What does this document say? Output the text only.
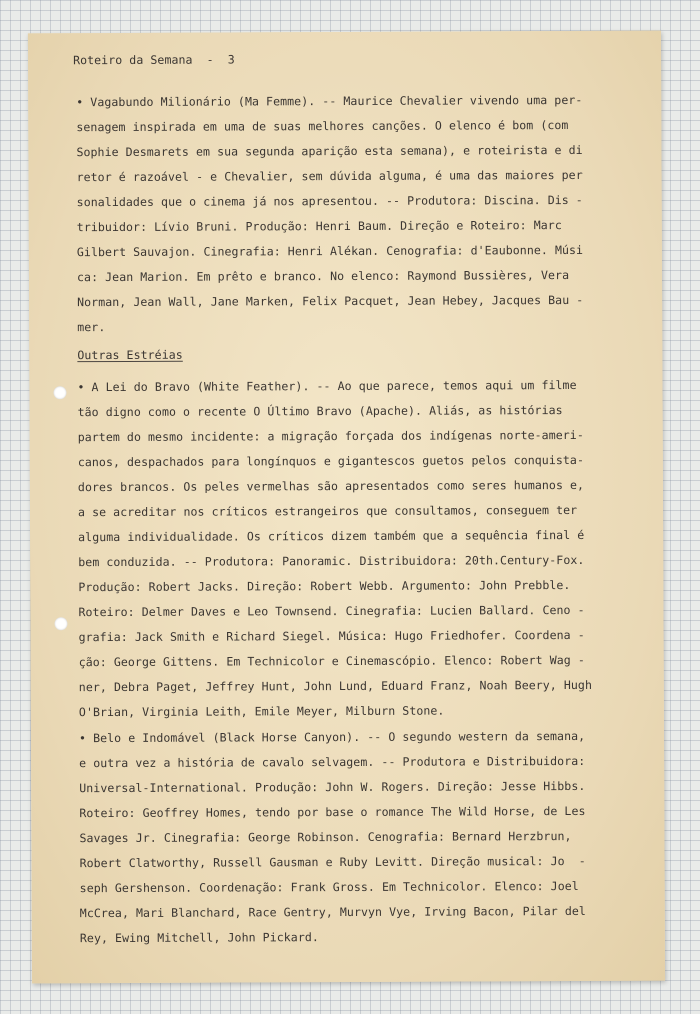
Roteiro da Semana  -  3
• Vagabundo Milionário (Ma Femme). -- Maurice Chevalier vivendo uma per-
senagem inspirada em uma de suas melhores canções. O elenco é bom (com
Sophie Desmarets em sua segunda aparição esta semana), e roteirista e di
retor é razoável - e Chevalier, sem dúvida alguma, é uma das maiores per
sonalidades que o cinema já nos apresentou. -- Produtora: Discina. Dis -
tribuidor: Lívio Bruni. Produção: Henri Baum. Direção e Roteiro: Marc
Gilbert Sauvajon. Cinegrafia: Henri Alékan. Cenografia: d'Eaubonne. Músi
ca: Jean Marion. Em prêto e branco. No elenco: Raymond Bussières, Vera
Norman, Jean Wall, Jane Marken, Felix Pacquet, Jean Hebey, Jacques Bau -
mer.
Outras Estréias
• A Lei do Bravo (White Feather). -- Ao que parece, temos aqui um filme
tão digno como o recente O Último Bravo (Apache). Aliás, as histórias
partem do mesmo incidente: a migração forçada dos indígenas norte-ameri-
canos, despachados para longínquos e gigantescos guetos pelos conquista-
dores brancos. Os peles vermelhas são apresentados como seres humanos e,
a se acreditar nos críticos estrangeiros que consultamos, conseguem ter
alguma individualidade. Os críticos dizem também que a sequência final é
bem conduzida. -- Produtora: Panoramic. Distribuidora: 20th.Century-Fox.
Produção: Robert Jacks. Direção: Robert Webb. Argumento: John Prebble.
Roteiro: Delmer Daves e Leo Townsend. Cinegrafia: Lucien Ballard. Ceno -
grafia: Jack Smith e Richard Siegel. Música: Hugo Friedhofer. Coordena -
ção: George Gittens. Em Technicolor e Cinemascópio. Elenco: Robert Wag -
ner, Debra Paget, Jeffrey Hunt, John Lund, Eduard Franz, Noah Beery, Hugh
O'Brian, Virginia Leith, Emile Meyer, Milburn Stone.
• Belo e Indomável (Black Horse Canyon). -- O segundo western da semana,
e outra vez a história de cavalo selvagem. -- Produtora e Distribuidora:
Universal-International. Produção: John W. Rogers. Direção: Jesse Hibbs.
Roteiro: Geoffrey Homes, tendo por base o romance The Wild Horse, de Les
Savages Jr. Cinegrafia: George Robinson. Cenografia: Bernard Herzbrun,
Robert Clatworthy, Russell Gausman e Ruby Levitt. Direção musical: Jo  -
seph Gershenson. Coordenação: Frank Gross. Em Technicolor. Elenco: Joel
McCrea, Mari Blanchard, Race Gentry, Murvyn Vye, Irving Bacon, Pilar del
Rey, Ewing Mitchell, John Pickard.
